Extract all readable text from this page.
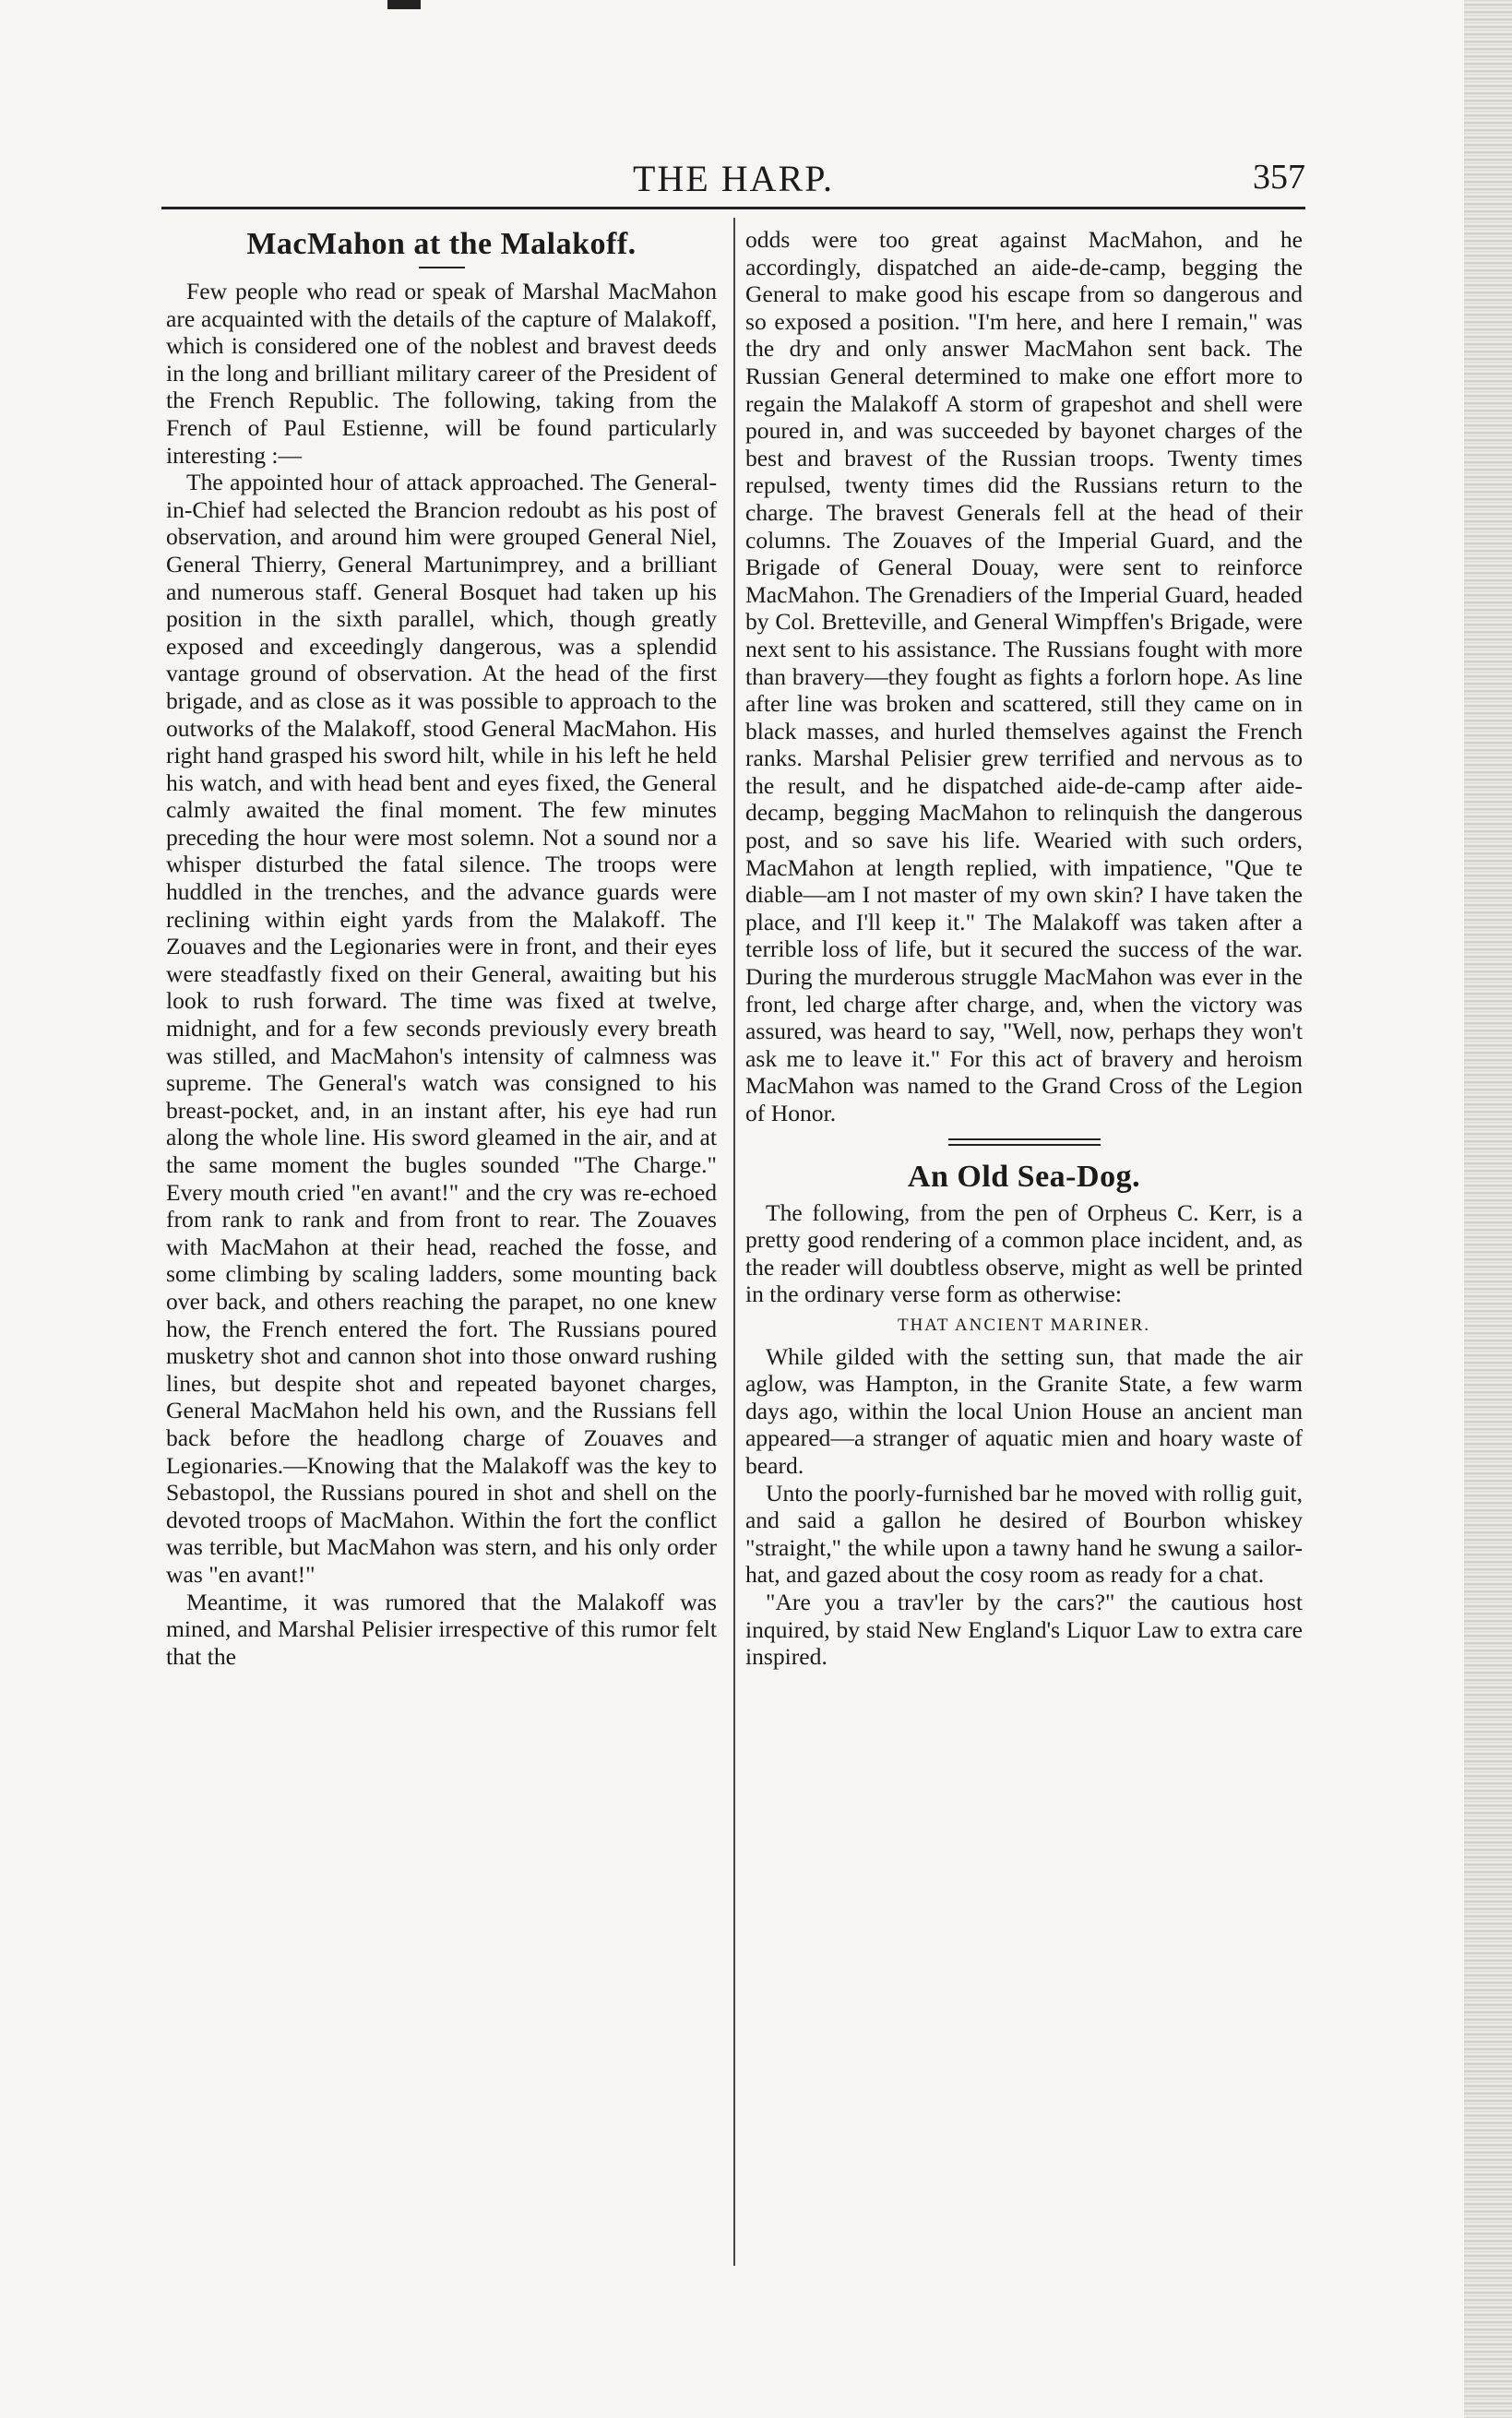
THE HARP.	357
MacMahon at the Malakoff.

Few people who read or speak of Marshal MacMahon are acquainted with the details of the capture of Malakoff, which is considered one of the noblest and bravest deeds in the long and brilliant military career of the President of the French Republic. The following, taking from the French of Paul Estienne, will be found particularly interesting :—

The appointed hour of attack approached. The General-in-Chief had selected the Brancion redoubt as his post of observation, and around him were grouped General Niel, General Thierry, General Martunimprey, and a brilliant and numerous staff. General Bosquet had taken up his position in the sixth parallel, which, though greatly exposed and exceedingly dangerous, was a splendid vantage ground of observation. At the head of the first brigade, and as close as it was possible to approach to the outworks of the Malakoff, stood General MacMahon. His right hand grasped his sword hilt, while in his left he held his watch, and with head bent and eyes fixed, the General calmly awaited the final moment. The few minutes preceding the hour were most solemn. Not a sound nor a whisper disturbed the fatal silence. The troops were huddled in the trenches, and the advance guards were reclining within eight yards from the Malakoff. The Zouaves and the Legionaries were in front, and their eyes were steadfastly fixed on their General, awaiting but his look to rush forward. The time was fixed at twelve, midnight, and for a few seconds previously every breath was stilled, and MacMahon's intensity of calmness was supreme. The General's watch was consigned to his breast-pocket, and, in an instant after, his eye had run along the whole line. His sword gleamed in the air, and at the same moment the bugles sounded "The Charge." Every mouth cried "en avant!" and the cry was re-echoed from rank to rank and from front to rear. The Zouaves with MacMahon at their head, reached the fosse, and some climbing by scaling ladders, some mounting back over back, and others reaching the parapet, no one knew how, the French entered the fort. The Russians poured musketry shot and cannon shot into those onward rushing lines, but despite shot and repeated bayonet charges, General MacMahon held his own, and the Russians fell back before the headlong charge of Zouaves and Legionaries.—Knowing that the Malakoff was the key to Sebastopol, the Russians poured in shot and shell on the devoted troops of MacMahon. Within the fort the conflict was terrible, but MacMahon was stern, and his only order was "en avant!"

Meantime, it was rumored that the Malakoff was mined, and Marshal Pelisier irrespective of this rumor felt that the

odds were too great against MacMahon, and he accordingly, dispatched an aide-de-camp, begging the General to make good his escape from so dangerous and so exposed a position. "I'm here, and here I remain," was the dry and only answer MacMahon sent back. The Russian General determined to make one effort more to regain the Malakoff A storm of grapeshot and shell were poured in, and was succeeded by bayonet charges of the best and bravest of the Russian troops. Twenty times repulsed, twenty times did the Russians return to the charge. The bravest Generals fell at the head of their columns. The Zouaves of the Imperial Guard, and the Brigade of General Douay, were sent to reinforce MacMahon. The Grenadiers of the Imperial Guard, headed by Col. Bretteville, and General Wimpffen's Brigade, were next sent to his assistance. The Russians fought with more than bravery—they fought as fights a forlorn hope. As line after line was broken and scattered, still they came on in black masses, and hurled themselves against the French ranks. Marshal Pelisier grew terrified and nervous as to the result, and he dispatched aide-de-camp after aide-decamp, begging MacMahon to relinquish the dangerous post, and so save his life. Wearied with such orders, MacMahon at length replied, with impatience, "Que te diable—am I not master of my own skin? I have taken the place, and I'll keep it." The Malakoff was taken after a terrible loss of life, but it secured the success of the war. During the murderous struggle MacMahon was ever in the front, led charge after charge, and, when the victory was assured, was heard to say, "Well, now, perhaps they won't ask me to leave it." For this act of bravery and heroism MacMahon was named to the Grand Cross of the Legion of Honor.

An Old Sea-Dog.

The following, from the pen of Orpheus C. Kerr, is a pretty good rendering of a common place incident, and, as the reader will doubtless observe, might as well be printed in the ordinary verse form as otherwise:

THAT ANCIENT MARINER.

While gilded with the setting sun, that made the air aglow, was Hampton, in the Granite State, a few warm days ago, within the local Union House an ancient man appeared—a stranger of aquatic mien and hoary waste of beard.

Unto the poorly-furnished bar he moved with rollig guit, and said a gallon he desired of Bourbon whiskey "straight," the while upon a tawny hand he swung a sailor-hat, and gazed about the cosy room as ready for a chat.

"Are you a trav'ler by the cars?" the cautious host inquired, by staid New England's Liquor Law to extra care inspired.
